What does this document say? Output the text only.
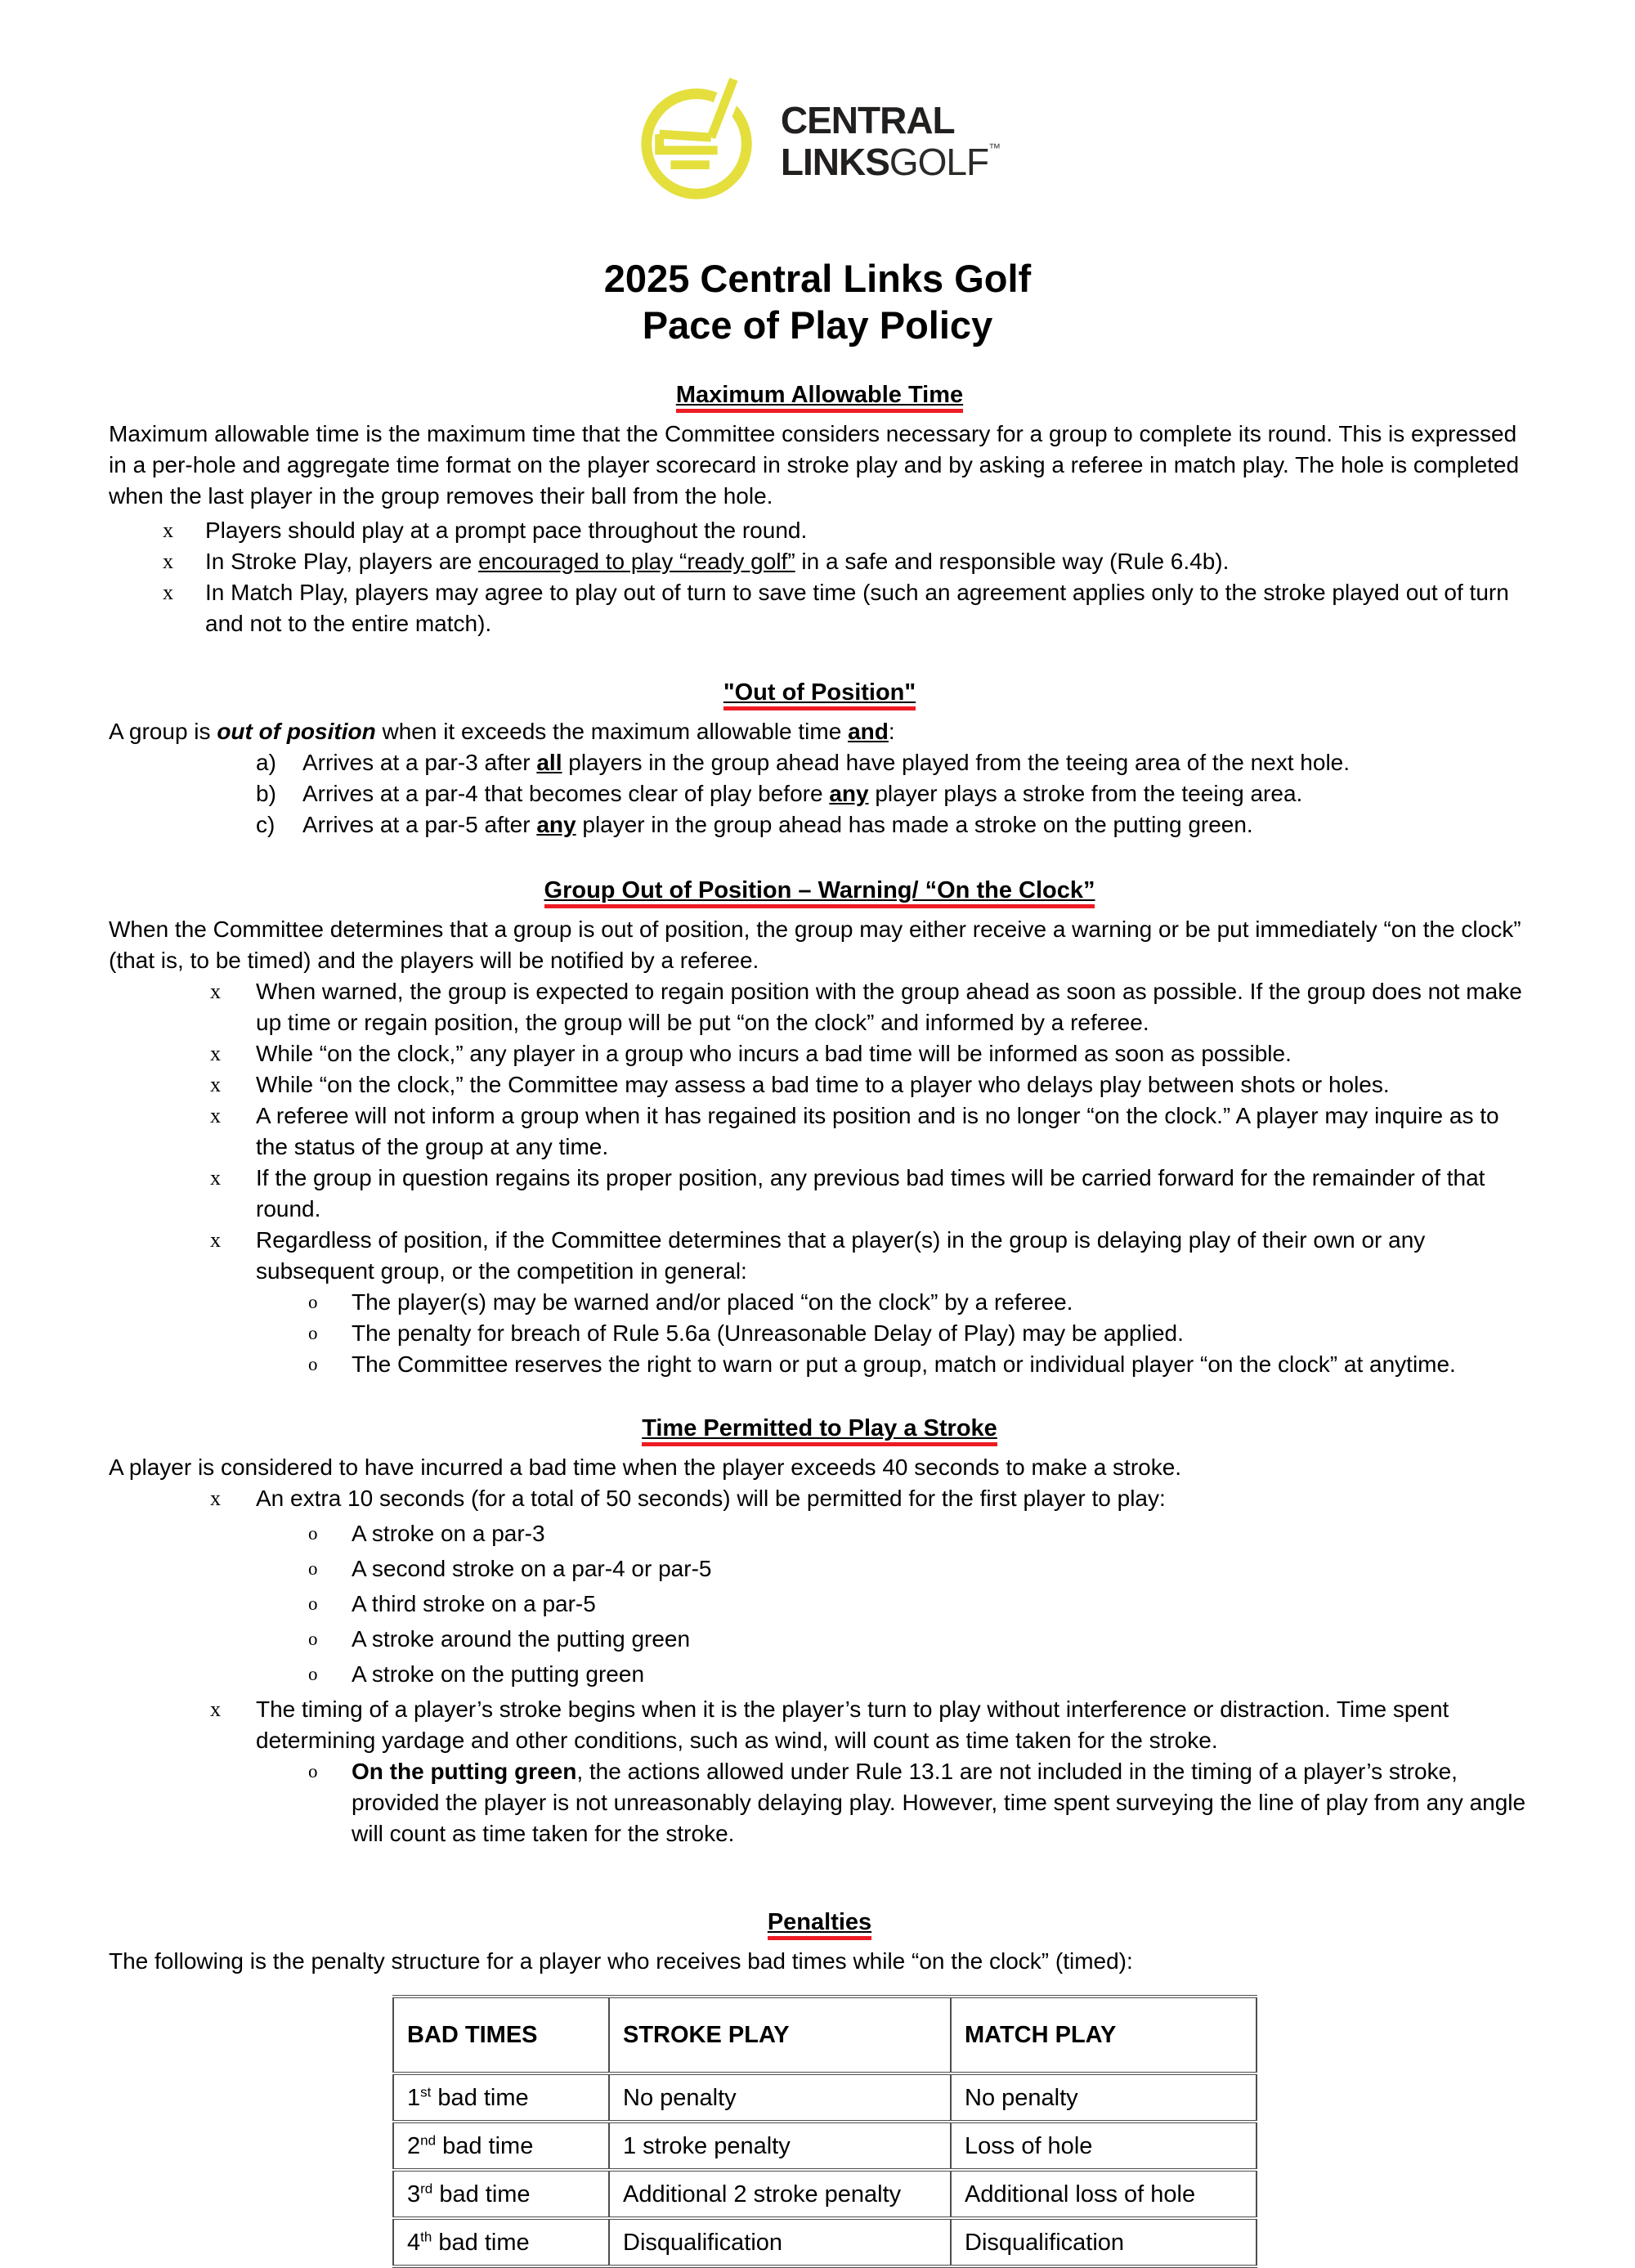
CENTRAL
LINKSGOLF™
2025 Central Links Golf
Pace of Play Policy
Maximum Allowable Time
Maximum allowable time is the maximum time that the Committee considers necessary for a group to complete its round. This is expressed in a per-hole and aggregate time format on the player scorecard in stroke play and by asking a referee in match play. The hole is completed when the last player in the group removes their ball from the hole.
x	Players should play at a prompt pace throughout the round.
x	In Stroke Play, players are encouraged to play “ready golf” in a safe and responsible way (Rule 6.4b).
x	In Match Play, players may agree to play out of turn to save time (such an agreement applies only to the stroke played out of turn and not to the entire match).
"Out of Position"
A group is out of position when it exceeds the maximum allowable time and:
a)	Arrives at a par-3 after all players in the group ahead have played from the teeing area of the next hole.
b)	Arrives at a par-4 that becomes clear of play before any player plays a stroke from the teeing area.
c)	Arrives at a par-5 after any player in the group ahead has made a stroke on the putting green.
Group Out of Position – Warning/ “On the Clock”
When the Committee determines that a group is out of position, the group may either receive a warning or be put immediately “on the clock” (that is, to be timed) and the players will be notified by a referee.
x	When warned, the group is expected to regain position with the group ahead as soon as possible. If the group does not make up time or regain position, the group will be put “on the clock” and informed by a referee.
x	While “on the clock,” any player in a group who incurs a bad time will be informed as soon as possible.
x	While “on the clock,” the Committee may assess a bad time to a player who delays play between shots or holes.
x	A referee will not inform a group when it has regained its position and is no longer “on the clock.” A player may inquire as to the status of the group at any time.
x	If the group in question regains its proper position, any previous bad times will be carried forward for the remainder of that round.
x	Regardless of position, if the Committee determines that a player(s) in the group is delaying play of their own or any subsequent group, or the competition in general:
o	The player(s) may be warned and/or placed “on the clock” by a referee.
o	The penalty for breach of Rule 5.6a (Unreasonable Delay of Play) may be applied.
o	The Committee reserves the right to warn or put a group, match or individual player “on the clock” at anytime.
Time Permitted to Play a Stroke
A player is considered to have incurred a bad time when the player exceeds 40 seconds to make a stroke.
x	An extra 10 seconds (for a total of 50 seconds) will be permitted for the first player to play:
o	A stroke on a par-3
o	A second stroke on a par-4 or par-5
o	A third stroke on a par-5
o	A stroke around the putting green
o	A stroke on the putting green
x	The timing of a player’s stroke begins when it is the player’s turn to play without interference or distraction. Time spent determining yardage and other conditions, such as wind, will count as time taken for the stroke.
o	On the putting green, the actions allowed under Rule 13.1 are not included in the timing of a player’s stroke, provided the player is not unreasonably delaying play. However, time spent surveying the line of play from any angle will count as time taken for the stroke.
Penalties
The following is the penalty structure for a player who receives bad times while “on the clock” (timed):
BAD TIMES	STROKE PLAY	MATCH PLAY
1st bad time	No penalty	No penalty
2nd bad time	1 stroke penalty	Loss of hole
3rd bad time	Additional 2 stroke penalty	Additional loss of hole
4th bad time	Disqualification	Disqualification
